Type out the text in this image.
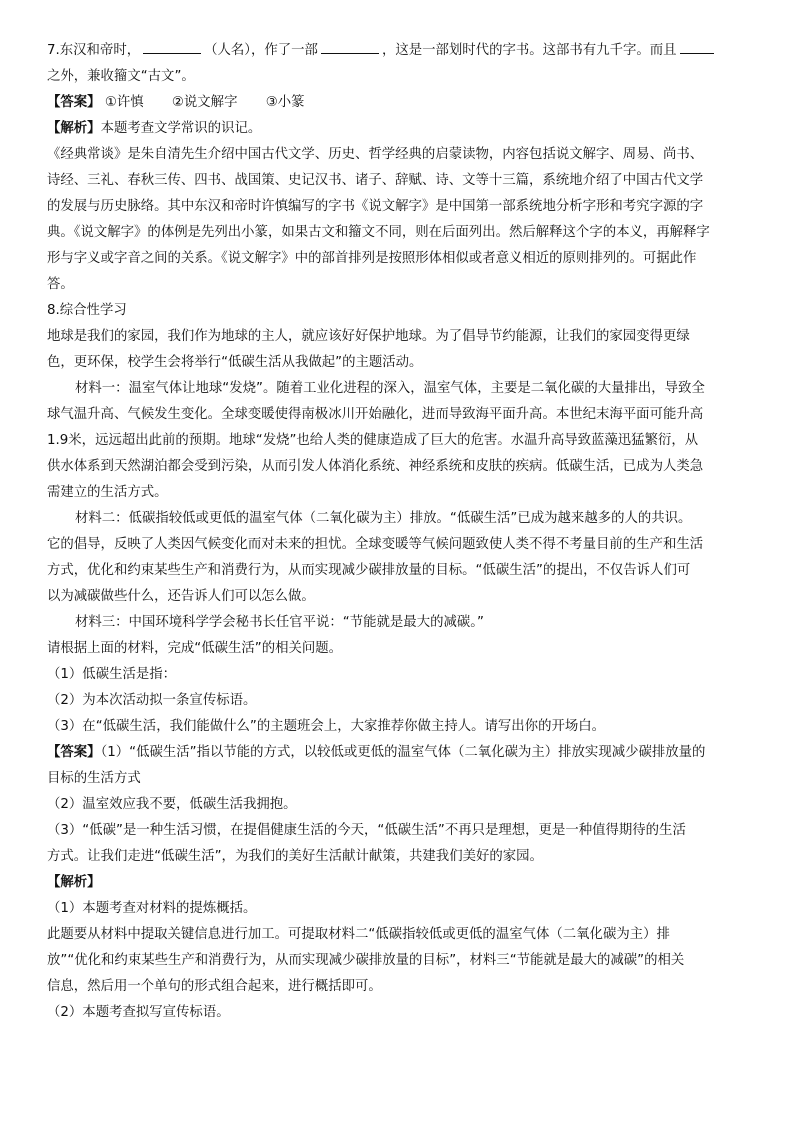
7.东汉和帝时，	（人名），作了一部	，这是一部划时代的字书。这部书有九千字。而且
之外，兼收籀文“古文”。
【答案】 ①许慎 ②说文解字 ③小篆
【解析】本题考查文学常识的识记。
《经典常谈》是朱自清先生介绍中国古代文学、历史、哲学经典的启蒙读物，内容包括说文解字、周易、尚书、
诗经、三礼、春秋三传、四书、战国策、史记汉书、诸子、辞赋、诗、文等十三篇，系统地介绍了中国古代文学
的发展与历史脉络。其中东汉和帝时许慎编写的字书《说文解字》是中国第一部系统地分析字形和考究字源的字
典。《说文解字》的体例是先列出小篆，如果古文和籀文不同，则在后面列出。然后解释这个字的本义，再解释字
形与字义或字音之间的关系。《说文解字》中的部首排列是按照形体相似或者意义相近的原则排列的。可据此作
答。
8.综合性学习
地球是我们的家园，我们作为地球的主人，就应该好好保护地球。为了倡导节约能源，让我们的家园变得更绿
色，更环保，校学生会将举行“低碳生活从我做起”的主题活动。
材料一：温室气体让地球“发烧”。随着工业化进程的深入，温室气体，主要是二氧化碳的大量排出，导致全
球气温升高、气候发生变化。全球变暖使得南极冰川开始融化，进而导致海平面升高。本世纪末海平面可能升高
1.9米，远远超出此前的预期。地球“发烧”也给人类的健康造成了巨大的危害。水温升高导致蓝藻迅猛繁衍，从
供水体系到天然湖泊都会受到污染，从而引发人体消化系统、神经系统和皮肤的疾病。低碳生活，已成为人类急
需建立的生活方式。
材料二：低碳指较低或更低的温室气体（二氧化碳为主）排放。“低碳生活”已成为越来越多的人的共识。
它的倡导，反映了人类因气候变化而对未来的担忧。全球变暖等气候问题致使人类不得不考量目前的生产和生活
方式，优化和约束某些生产和消费行为，从而实现减少碳排放量的目标。“低碳生活”的提出，不仅告诉人们可
以为减碳做些什么，还告诉人们可以怎么做。
材料三：中国环境科学学会秘书长任官平说：“节能就是最大的减碳。”
请根据上面的材料，完成“低碳生活”的相关问题。
（1）低碳生活是指：
（2）为本次活动拟一条宣传标语。
（3）在“低碳生活，我们能做什么”的主题班会上，大家推荐你做主持人。请写出你的开场白。
【答案】（1）“低碳生活”指以节能的方式，以较低或更低的温室气体（二氧化碳为主）排放实现减少碳排放量的
目标的生活方式
（2）温室效应我不要，低碳生活我拥抱。
（3）“低碳”是一种生活习惯，在提倡健康生活的今天，“低碳生活”不再只是理想，更是一种值得期待的生活
方式。让我们走进“低碳生活”，为我们的美好生活献计献策，共建我们美好的家园。
【解析】
（1）本题考查对材料的提炼概括。
此题要从材料中提取关键信息进行加工。可提取材料二“低碳指较低或更低的温室气体（二氧化碳为主）排
放”“优化和约束某些生产和消费行为，从而实现减少碳排放量的目标”，材料三“节能就是最大的减碳”的相关
信息，然后用一个单句的形式组合起来，进行概括即可。
（2）本题考查拟写宣传标语。
